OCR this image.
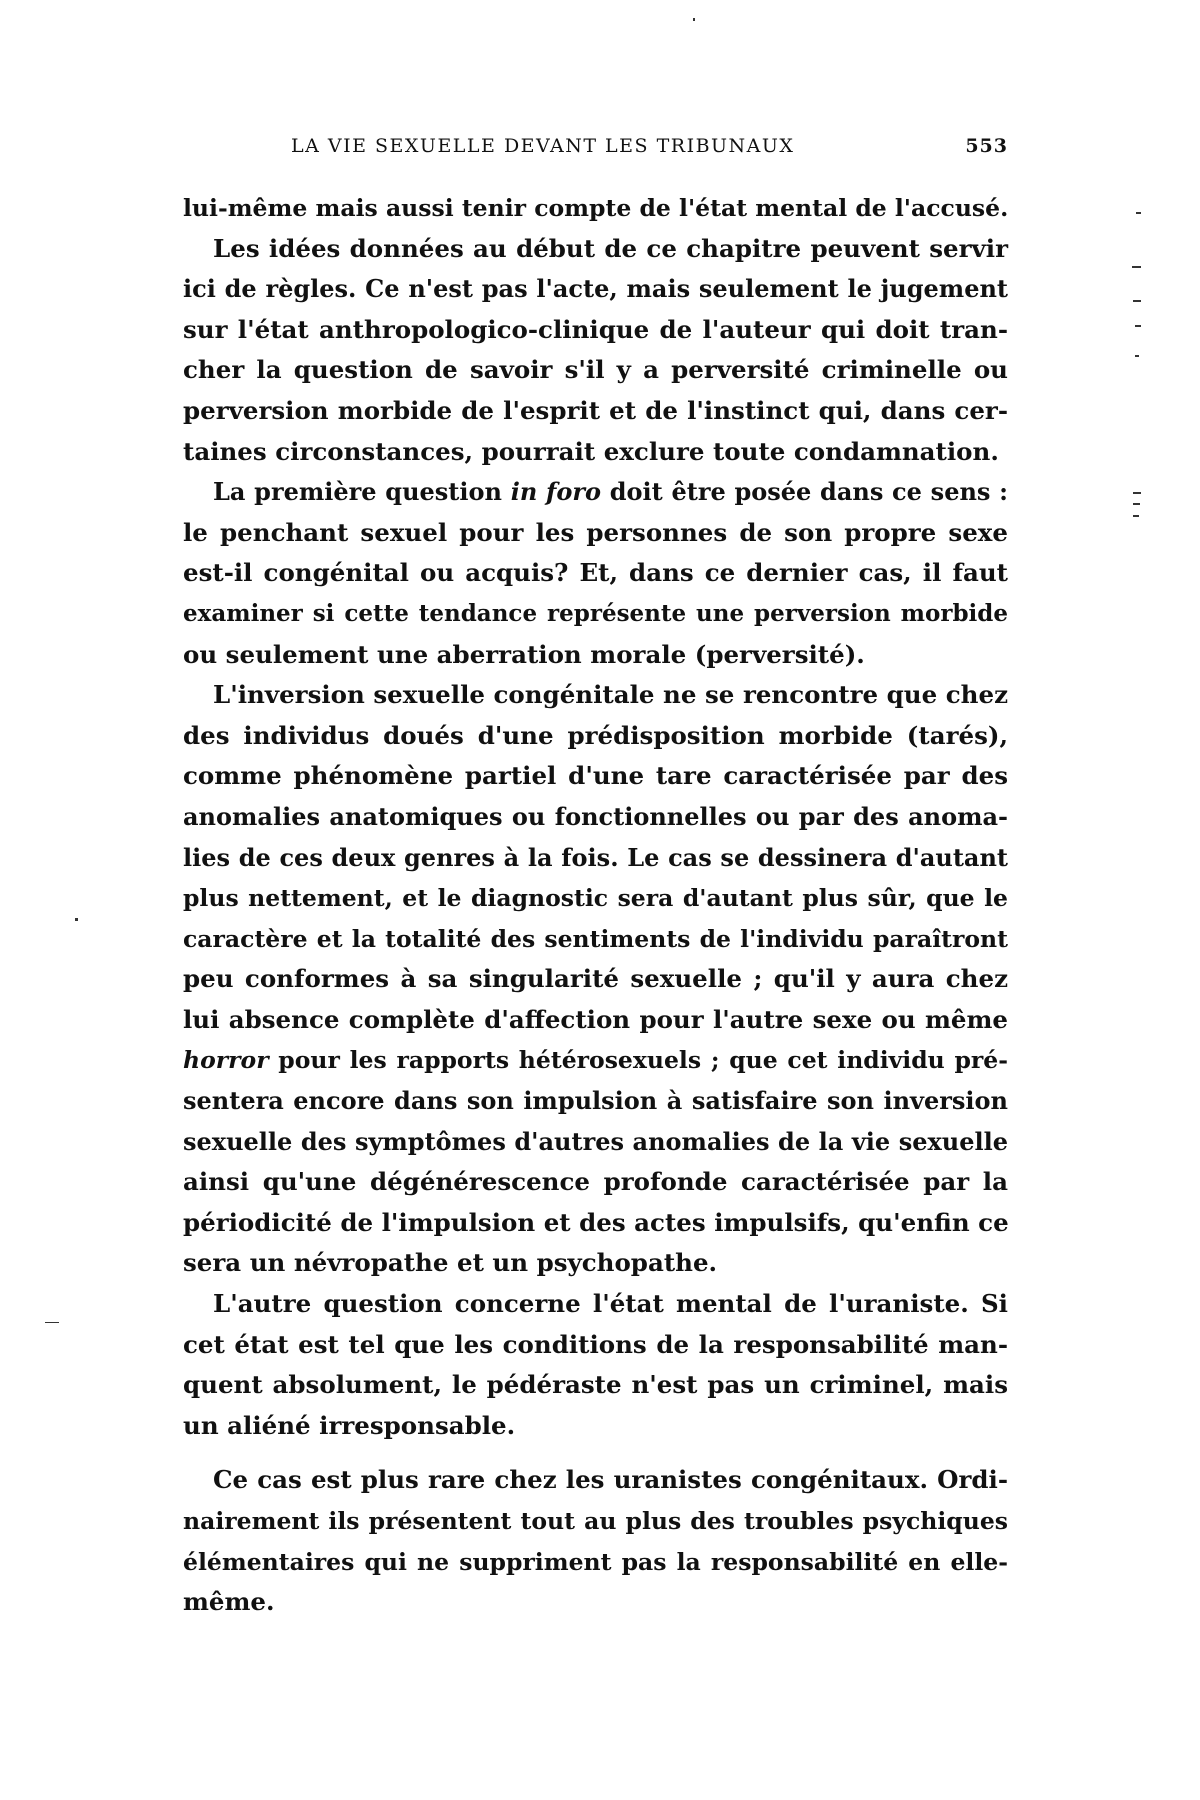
LA VIE SEXUELLE DEVANT LES TRIBUNAUX	553
lui-même mais aussi tenir compte de l'état mental de l'accusé.
Les idées données au début de ce chapitre peuvent servir
ici de règles. Ce n'est pas l'acte, mais seulement le jugement
sur l'état anthropologico-clinique de l'auteur qui doit tran-
cher la question de savoir s'il y a perversité criminelle ou
perversion morbide de l'esprit et de l'instinct qui, dans cer-
taines circonstances, pourrait exclure toute condamnation.
La première question in foro doit être posée dans ce sens :
le penchant sexuel pour les personnes de son propre sexe
est-il congénital ou acquis? Et, dans ce dernier cas, il faut
examiner si cette tendance représente une perversion morbide
ou seulement une aberration morale (perversité).
L'inversion sexuelle congénitale ne se rencontre que chez
des individus doués d'une prédisposition morbide (tarés),
comme phénomène partiel d'une tare caractérisée par des
anomalies anatomiques ou fonctionnelles ou par des anoma-
lies de ces deux genres à la fois. Le cas se dessinera d'autant
plus nettement, et le diagnostic sera d'autant plus sûr, que le
caractère et la totalité des sentiments de l'individu paraîtront
peu conformes à sa singularité sexuelle ; qu'il y aura chez
lui absence complète d'affection pour l'autre sexe ou même
horror pour les rapports hétérosexuels ; que cet individu pré-
sentera encore dans son impulsion à satisfaire son inversion
sexuelle des symptômes d'autres anomalies de la vie sexuelle
ainsi qu'une dégénérescence profonde caractérisée par la
périodicité de l'impulsion et des actes impulsifs, qu'enfin ce
sera un névropathe et un psychopathe.
L'autre question concerne l'état mental de l'uraniste. Si
cet état est tel que les conditions de la responsabilité man-
quent absolument, le pédéraste n'est pas un criminel, mais
un aliéné irresponsable.
Ce cas est plus rare chez les uranistes congénitaux. Ordi-
nairement ils présentent tout au plus des troubles psychiques
élémentaires qui ne suppriment pas la responsabilité en elle-
même.
